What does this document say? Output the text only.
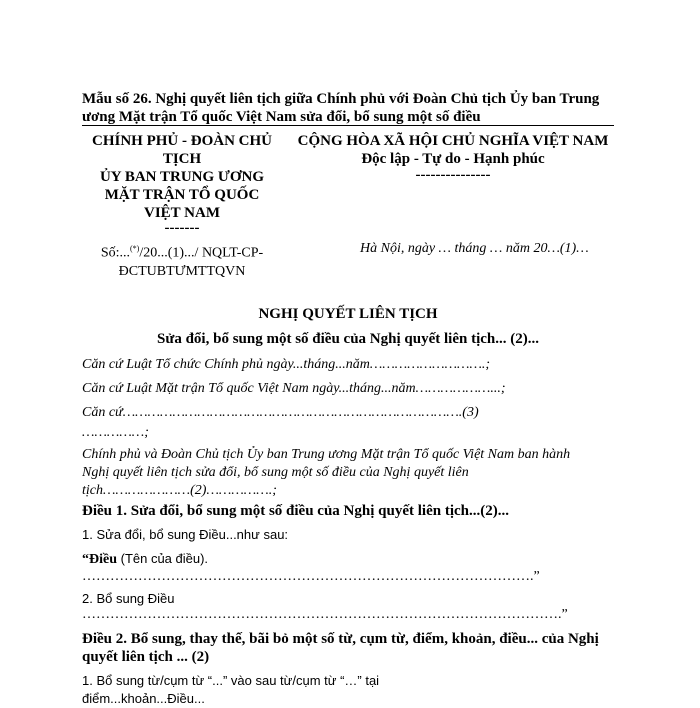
Mẫu số 26. Nghị quyết liên tịch giữa Chính phủ với Đoàn Chủ tịch Ủy ban Trung ương Mặt trận Tổ quốc Việt Nam sửa đổi, bổ sung một số điều
CHÍNH PHỦ - ĐOÀN CHỦ
TỊCH
ỦY BAN TRUNG ƯƠNG
MẶT TRẬN TỔ QUỐC
VIỆT NAM
-------
CỘNG HÒA XÃ HỘI CHỦ NGHĨA VIỆT NAM
Độc lập - Tự do - Hạnh phúc
---------------
Số:...(*)/20...(1).../ NQLT-CP-
ĐCTUBTƯMTTQVN
Hà Nội, ngày … tháng … năm 20…(1)…
NGHỊ QUYẾT LIÊN TỊCH
Sửa đổi, bổ sung một số điều của Nghị quyết liên tịch... (2)...
Căn cứ Luật Tổ chức Chính phủ ngày...tháng...năm……………………….;
Căn cứ Luật Mặt trận Tổ quốc Việt Nam ngày...tháng...năm………………...;
Căn cứ……………………………………………………………………….(3)
……………;
Chính phủ và Đoàn Chủ tịch Ủy ban Trung ương Mặt trận Tổ quốc Việt Nam ban hành
Nghị quyết liên tịch sửa đổi, bổ sung một số điều của Nghị quyết liên
tịch…………………(2)…………….;
Điều 1. Sửa đổi, bổ sung một số điều của Nghị quyết liên tịch...(2)...
1. Sửa đổi, bổ sung Điều...như sau:
“Điều (Tên của điều).
…………………………………………………………………………………….”
2. Bổ sung Điều
………………………………………………………………………………………….”
Điều 2. Bổ sung, thay thế, bãi bỏ một số từ, cụm từ, điểm, khoản, điều... của Nghị
quyết liên tịch ... (2)
1. Bổ sung từ/cụm từ “...” vào sau từ/cụm từ “…” tại
điểm...khoản...Điều...
